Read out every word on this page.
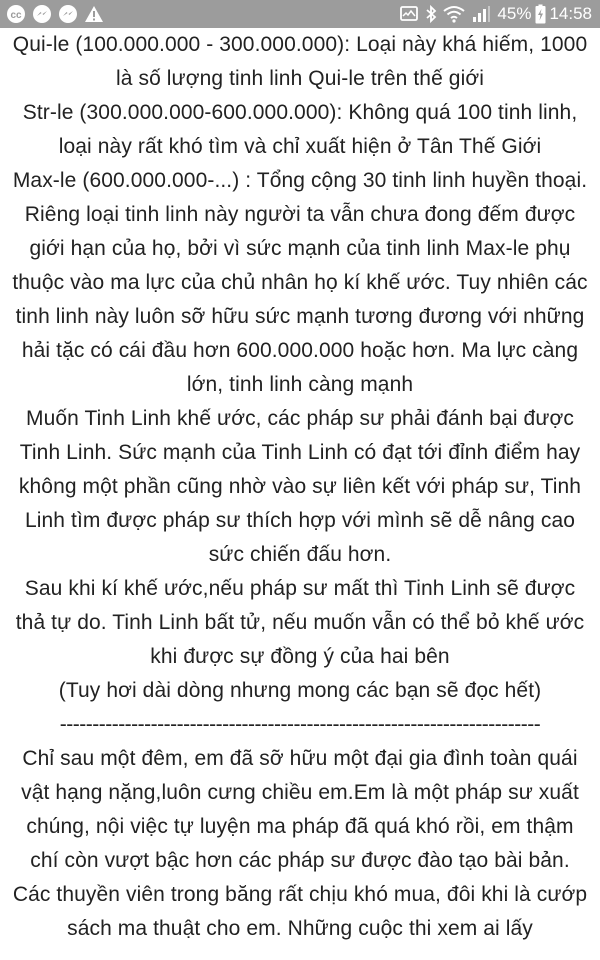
cc	45% 14:58

Qui-le (100.000.000 - 300.000.000): Loại này khá hiếm, 1000 là số lượng tinh linh Qui-le trên thế giới

Str-le (300.000.000-600.000.000): Không quá 100 tinh linh, loại này rất khó tìm và chỉ xuất hiện ở Tân Thế Giới

Max-le (600.000.000-...) : Tổng cộng 30 tinh linh huyền thoại. Riêng loại tinh linh này người ta vẫn chưa đong đếm được giới hạn của họ, bởi vì sức mạnh của tinh linh Max-le phụ thuộc vào ma lực của chủ nhân họ kí khế ước. Tuy nhiên các tinh linh này luôn sỡ hữu sức mạnh tương đương với những hải tặc có cái đầu hơn 600.000.000 hoặc hơn. Ma lực càng lớn, tinh linh càng mạnh

Muốn Tinh Linh khế ước, các pháp sư phải đánh bại được Tinh Linh. Sức mạnh của Tinh Linh có đạt tới đỉnh điểm hay không một phần cũng nhờ vào sự liên kết với pháp sư, Tinh Linh tìm được pháp sư thích hợp với mình sẽ dễ nâng cao sức chiến đấu hơn.

Sau khi kí khế ước,nếu pháp sư mất thì Tinh Linh sẽ được thả tự do. Tinh Linh bất tử, nếu muốn vẫn có thể bỏ khế ước khi được sự đồng ý của hai bên

(Tuy hơi dài dòng nhưng mong các bạn sẽ đọc hết)

--------------------------------------------------------------------------

Chỉ sau một đêm, em đã sỡ hữu một đại gia đình toàn quái vật hạng nặng,luôn cưng chiều em.Em là một pháp sư xuất chúng, nội việc tự luyện ma pháp đã quá khó rồi, em thậm chí còn vượt bậc hơn các pháp sư được đào tạo bài bản. Các thuyền viên trong băng rất chịu khó mua, đôi khi là cướp sách ma thuật cho em. Những cuộc thi xem ai lấy
